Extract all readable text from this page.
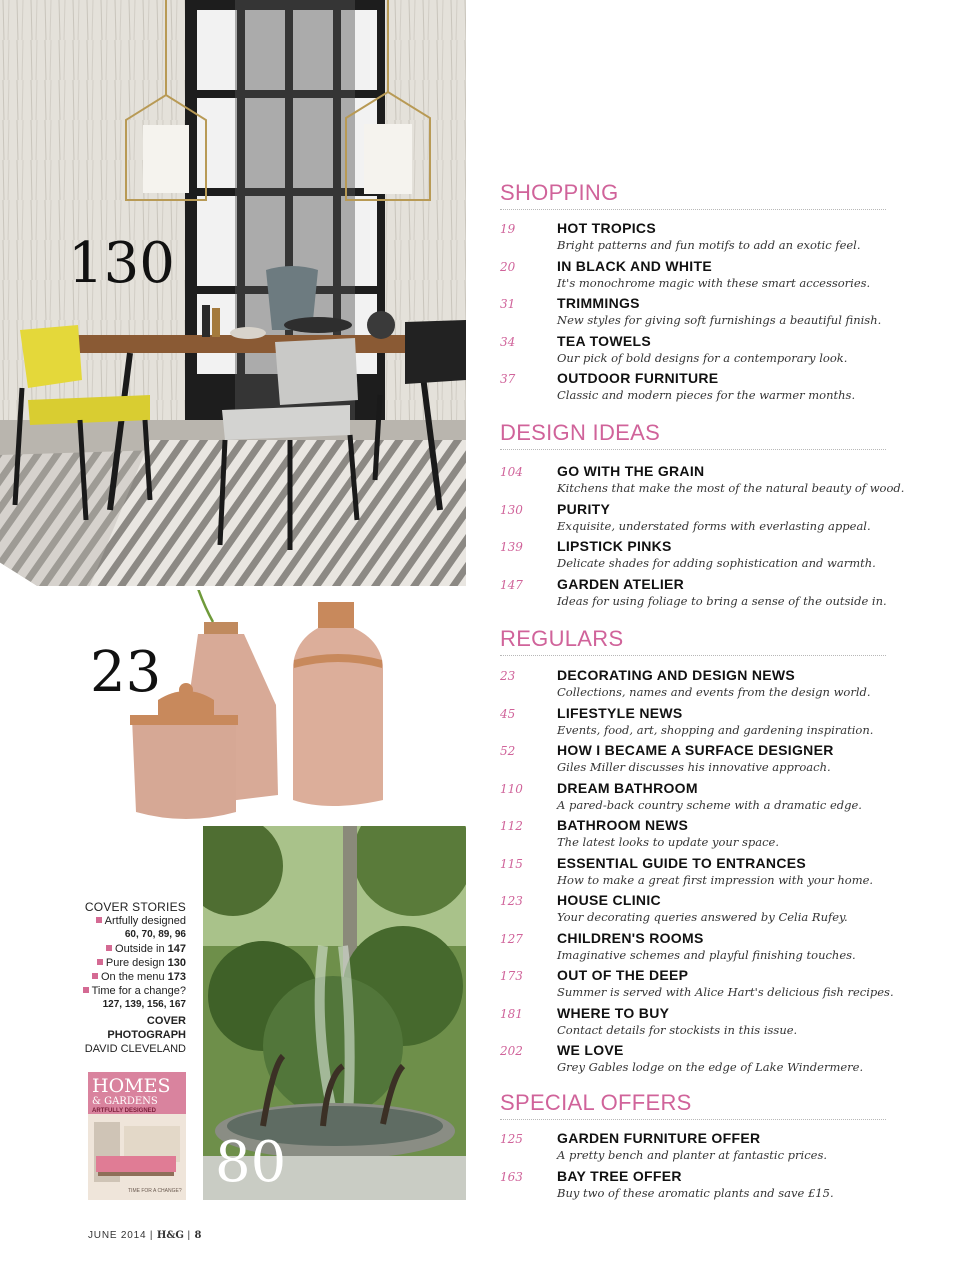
130
23
COVER STORIES
Artfully designed
60, 70, 89, 96
Outside in 147
Pure design 130
On the menu 173
Time for a change?
127, 139, 156, 167
COVER
PHOTOGRAPH
DAVID CLEVELAND
HOMES
& GARDENS
ARTFULLY DESIGNED
TIME FOR A CHANGE? 80
JUNE 2014 | H&G | 8
SHOPPING
19	HOT TROPICS
Bright patterns and fun motifs to add an exotic feel.
20	IN BLACK AND WHITE
It's monochrome magic with these smart accessories.
31	TRIMMINGS
New styles for giving soft furnishings a beautiful finish.
34	TEA TOWELS
Our pick of bold designs for a contemporary look.
37	OUTDOOR FURNITURE
Classic and modern pieces for the warmer months.
DESIGN IDEAS
104 GO WITH THE GRAIN
Kitchens that make the most of the natural beauty of wood.
130 PURITY
Exquisite, understated forms with everlasting appeal.
139 LIPSTICK PINKS
Delicate shades for adding sophistication and warmth.
147 GARDEN ATELIER
Ideas for using foliage to bring a sense of the outside in.
REGULARS
23	DECORATING AND DESIGN NEWS
Collections, names and events from the design world.
45	LIFESTYLE NEWS
Events, food, art, shopping and gardening inspiration.
52	HOW I BECAME A SURFACE DESIGNER
Giles Miller discusses his innovative approach.
110 DREAM BATHROOM
A pared-back country scheme with a dramatic edge.
112 BATHROOM NEWS
The latest looks to update your space.
115 ESSENTIAL GUIDE TO ENTRANCES
How to make a great first impression with your home.
123 HOUSE CLINIC
Your decorating queries answered by Celia Rufey.
127 CHILDREN'S ROOMS
Imaginative schemes and playful finishing touches.
173 OUT OF THE DEEP
Summer is served with Alice Hart's delicious fish recipes.
181 WHERE TO BUY
Contact details for stockists in this issue.
202 WE LOVE
Grey Gables lodge on the edge of Lake Windermere.
SPECIAL OFFERS
125 GARDEN FURNITURE OFFER
A pretty bench and planter at fantastic prices.
163 BAY TREE OFFER
Buy two of these aromatic plants and save £15.
